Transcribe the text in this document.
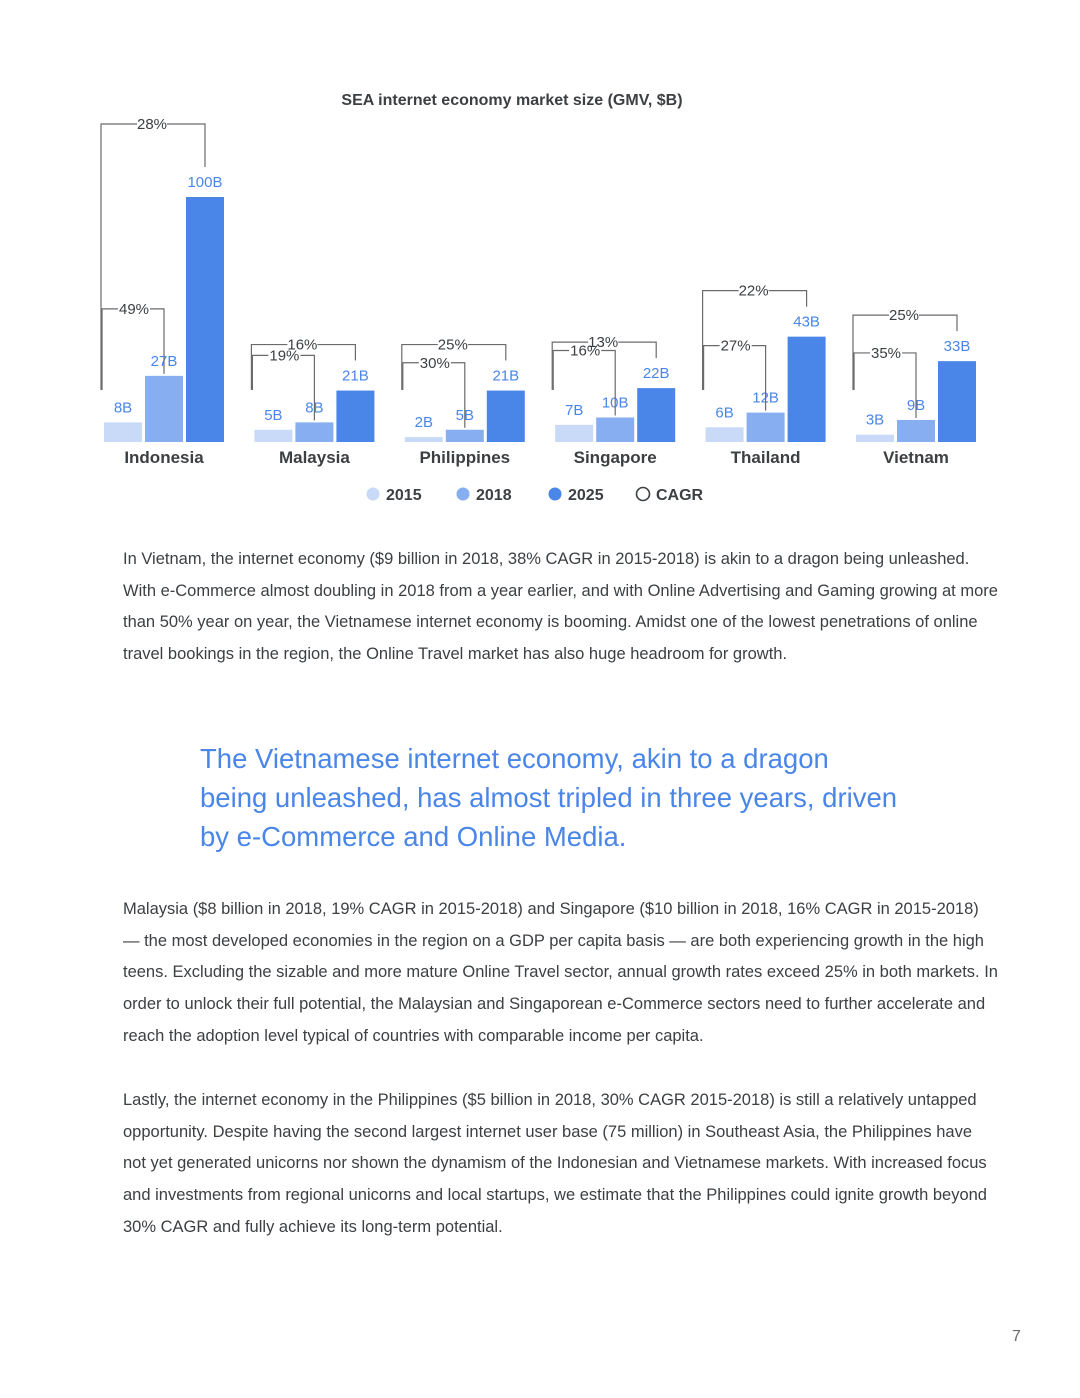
SEA internet economy market size (GMV, $B)
8B
27B
100B
49%
28%
Indonesia
5B 8B
21B
19%
16%
Malaysia
2B 5B
21B
30%
25%
Philippines
7B 10B
22B
16%
13%
Singapore
6B
12B
43B
27%
22%
Thailand
3B
9B
33B
35%
25%
Vietnam
2015	2018	2025	CAGR

In Vietnam, the internet economy ($9 billion in 2018, 38% CAGR in 2015-2018) is akin to a dragon being unleashed. With e-Commerce almost doubling in 2018 from a year earlier, and with Online Advertising and Gaming growing at more than 50% year on year, the Vietnamese internet economy is booming. Amidst one of the lowest penetrations of online travel bookings in the region, the Online Travel market has also huge headroom for growth.

The Vietnamese internet economy, akin to a dragon being unleashed, has almost tripled in three years, driven by e-Commerce and Online Media.

Malaysia ($8 billion in 2018, 19% CAGR in 2015-2018) and Singapore ($10 billion in 2018, 16% CAGR in 2015-2018) — the most developed economies in the region on a GDP per capita basis — are both experiencing growth in the high teens. Excluding the sizable and more mature Online Travel sector, annual growth rates exceed 25% in both markets. In order to unlock their full potential, the Malaysian and Singaporean e-Commerce sectors need to further accelerate and reach the adoption level typical of countries with comparable income per capita.

Lastly, the internet economy in the Philippines ($5 billion in 2018, 30% CAGR 2015-2018) is still a relatively untapped opportunity. Despite having the second largest internet user base (75 million) in Southeast Asia, the Philippines have not yet generated unicorns nor shown the dynamism of the Indonesian and Vietnamese markets. With increased focus and investments from regional unicorns and local startups, we estimate that the Philippines could ignite growth beyond 30% CAGR and fully achieve its long-term potential.

7
